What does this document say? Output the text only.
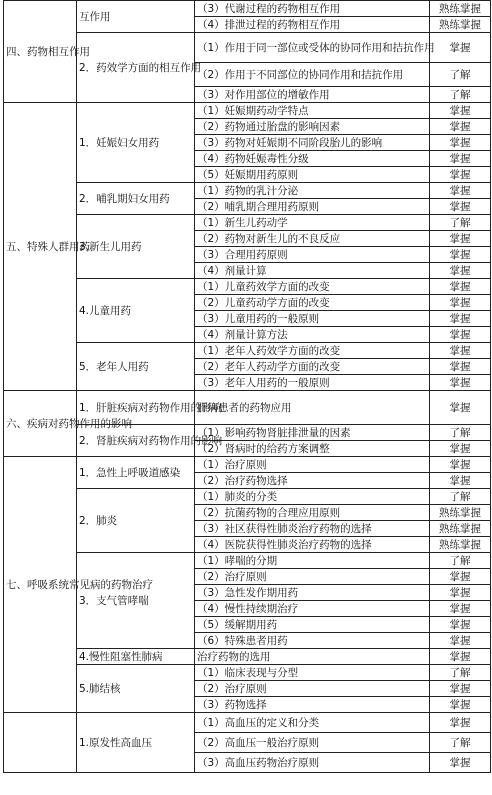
四、药物相互作用	互作用	（3）代谢过程的药物相互作用	熟练掌握
		（4）排泄过程的药物相互作用	熟练掌握
	2．药效学方面的相互作用	（1）作用于同一部位或受体的协同作用和拮抗作用	掌握
		（2）作用于不同部位的协同作用和拮抗作用	了解
		（3）对作用部位的增敏作用	了解
五、特殊人群用药	1．妊娠妇女用药	（1）妊娠期药动学特点	掌握
		（2）药物通过胎盘的影响因素	掌握
		（3）药物对妊娠期不同阶段胎儿的影响	掌握
		（4）药物妊娠毒性分级	掌握
		（5）妊娠期用药原则	掌握
	2．哺乳期妇女用药	（1）药物的乳汁分泌	掌握
		（2）哺乳期合理用药原则	掌握
	3.新生儿用药	（1）新生儿药动学	了解
		（2）药物对新生儿的不良反应	掌握
		（3）合理用药原则	掌握
		（4）剂量计算	掌握
	4.儿童用药	（1）儿童药效学方面的改变	掌握
		（2）儿童药动学方面的改变	掌握
		（3）儿童用药的一般原则	掌握
		（4）剂量计算方法	掌握
	5．老年人用药	（1）老年人药效学方面的改变	掌握
		（2）老年人药动学方面的改变	掌握
		（3）老年人用药的一般原则	掌握
六、疾病对药物作用的影响	1．肝脏疾病对药物作用的影响	肝病患者的药物应用	掌握
	2．肾脏疾病对药物作用的影响	（1）影响药物肾脏排泄量的因素	了解
		（2）肾病时的给药方案调整	掌握
七、呼吸系统常见病的药物治疗	1．急性上呼吸道感染	（1）治疗原则	掌握
		（2）治疗药物选择	掌握
	2．肺炎	（1）肺炎的分类	了解
		（2）抗菌药物的合理应用原则	熟练掌握
		（3）社区获得性肺炎治疗药物的选择	熟练掌握
		（4）医院获得性肺炎治疗药物的选择	熟练掌握
	3．支气管哮喘	（1）哮喘的分期	了解
		（2）治疗原则	掌握
		（3）急性发作期用药	掌握
		（4）慢性持续期治疗	掌握
		（5）缓解期用药	掌握
		（6）特殊患者用药	掌握
	4.慢性阻塞性肺病	治疗药物的选用	掌握
	5.肺结核	（1）临床表现与分型	了解
		（2）治疗原则	掌握
		（3）药物选择	掌握
	1.原发性高血压	（1）高血压的定义和分类	掌握
		（2）高血压一般治疗原则	了解
		（3）高血压药物治疗原则	掌握
